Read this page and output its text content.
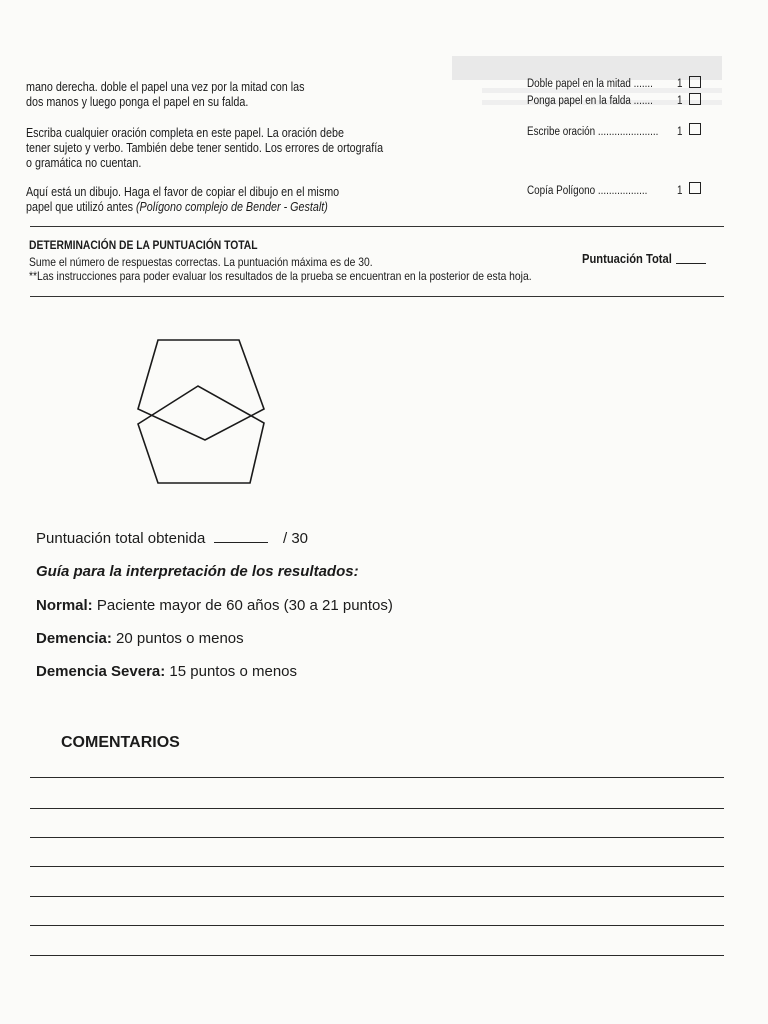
mano derecha. doble el papel una vez por la mitad con las
dos manos y luego ponga el papel en su falda.
Escriba cualquier oración completa en este papel. La oración debe
tener sujeto y verbo. También debe tener sentido. Los errores de ortografía
o gramática no cuentan.
Aquí está un dibujo. Haga el favor de copiar el dibujo en el mismo
papel que utilizó antes (Polígono complejo de Bender - Gestalt)
Doble papel en la mitad ....... 1
Ponga papel en la falda ....... 1
Escribe oración ...................... 1
Copía Polígono ..................	1
DETERMINACIÓN DE LA PUNTUACIÓN TOTAL
Sume el número de respuestas correctas. La puntuación máxima es de 30.
**Las instrucciones para poder evaluar los resultados de la prueba se encuentran en la posterior de esta hoja.
Puntuación Total
Puntuación total obtenida	/ 30
Guía para la interpretación de los resultados:
Normal: Paciente mayor de 60 años (30 a 21 puntos)
Demencia: 20 puntos o menos
Demencia Severa: 15 puntos o menos
COMENTARIOS
